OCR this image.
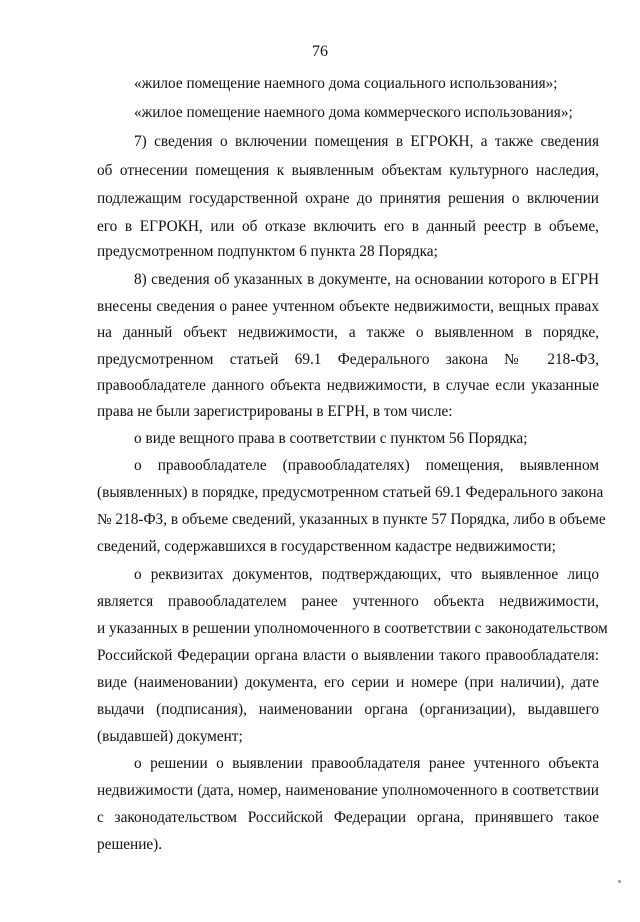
76
«жилое помещение наемного дома социального использования»;
«жилое помещение наемного дома коммерческого использования»;
7) сведения о включении помещения в ЕГРОКН, а также сведения
об отнесении помещения к выявленным объектам культурного наследия,
подлежащим государственной охране до принятия решения о включении
его в ЕГРОКН, или об отказе включить его в данный реестр в объеме,
предусмотренном подпунктом 6 пункта 28 Порядка;
8) сведения об указанных в документе, на основании которого в ЕГРН
внесены сведения о ранее учтенном объекте недвижимости, вещных правах
на данный объект недвижимости, а также о выявленном в порядке,
предусмотренном статьей 69.1 Федерального закона № 218-ФЗ,
правообладателе данного объекта недвижимости, в случае если указанные
права не были зарегистрированы в ЕГРН, в том числе:
о виде вещного права в соответствии с пунктом 56 Порядка;
о правообладателе (правообладателях) помещения, выявленном
(выявленных) в порядке, предусмотренном статьей 69.1 Федерального закона
№ 218-ФЗ, в объеме сведений, указанных в пункте 57 Порядка, либо в объеме
сведений, содержавшихся в государственном кадастре недвижимости;
о реквизитах документов, подтверждающих, что выявленное лицо
является правообладателем ранее учтенного объекта недвижимости,
и указанных в решении уполномоченного в соответствии с законодательством
Российской Федерации органа власти о выявлении такого правообладателя:
виде (наименовании) документа, его серии и номере (при наличии), дате
выдачи (подписания), наименовании органа (организации), выдавшего
(выдавшей) документ;
о решении о выявлении правообладателя ранее учтенного объекта
недвижимости (дата, номер, наименование уполномоченного в соответствии
с законодательством Российской Федерации органа, принявшего такое
решение).
